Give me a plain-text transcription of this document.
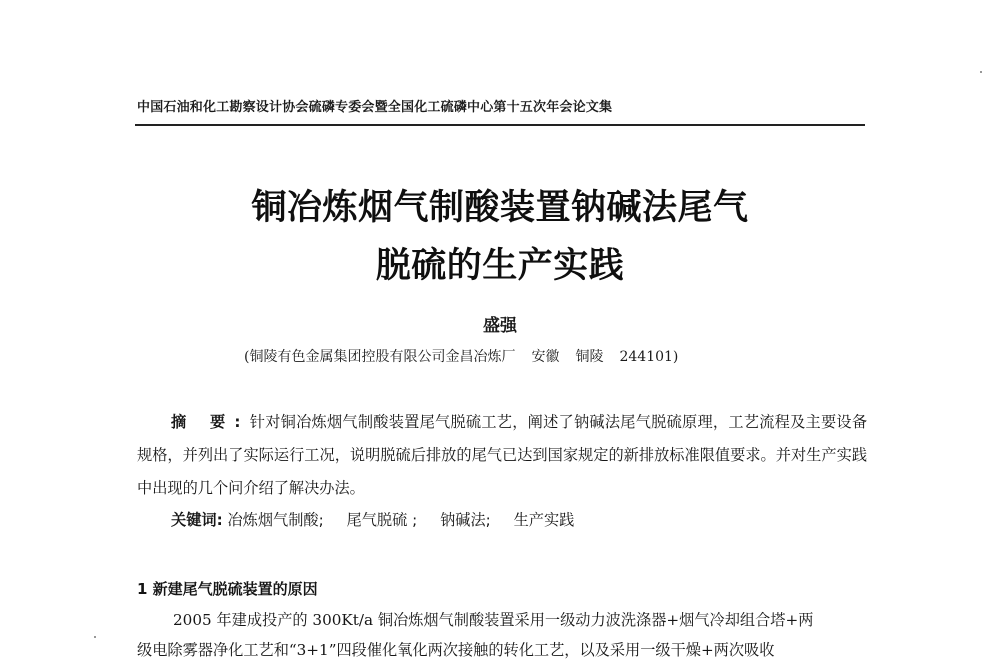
中国石油和化工勘察设计协会硫磷专委会暨全国化工硫磷中心第十五次年会论文集
铜冶炼烟气制酸装置钠碱法尾气
脱硫的生产实践
盛强
(铜陵有色金属集团控股有限公司金昌冶炼厂 安徽 铜陵 244101)
摘 要:针对铜冶炼烟气制酸装置尾气脱硫工艺，阐述了钠碱法尾气脱硫原理，工艺流程及主要设备规格，并列出了实际运行工况，说明脱硫后排放的尾气已达到国家规定的新排放标准限值要求。并对生产实践中出现的几个问介绍了解决办法。
关键词: 冶炼烟气制酸; 尾气脱硫 ; 钠碱法; 生产实践
1 新建尾气脱硫装置的原因
2005 年建成投产的 300Kt/a 铜冶炼烟气制酸装置采用一级动力波洗涤器+烟气冷却组合塔+两
级电除雾器净化工艺和“3+1”四段催化氧化两次接触的转化工艺，以及采用一级干燥+两次吸收
